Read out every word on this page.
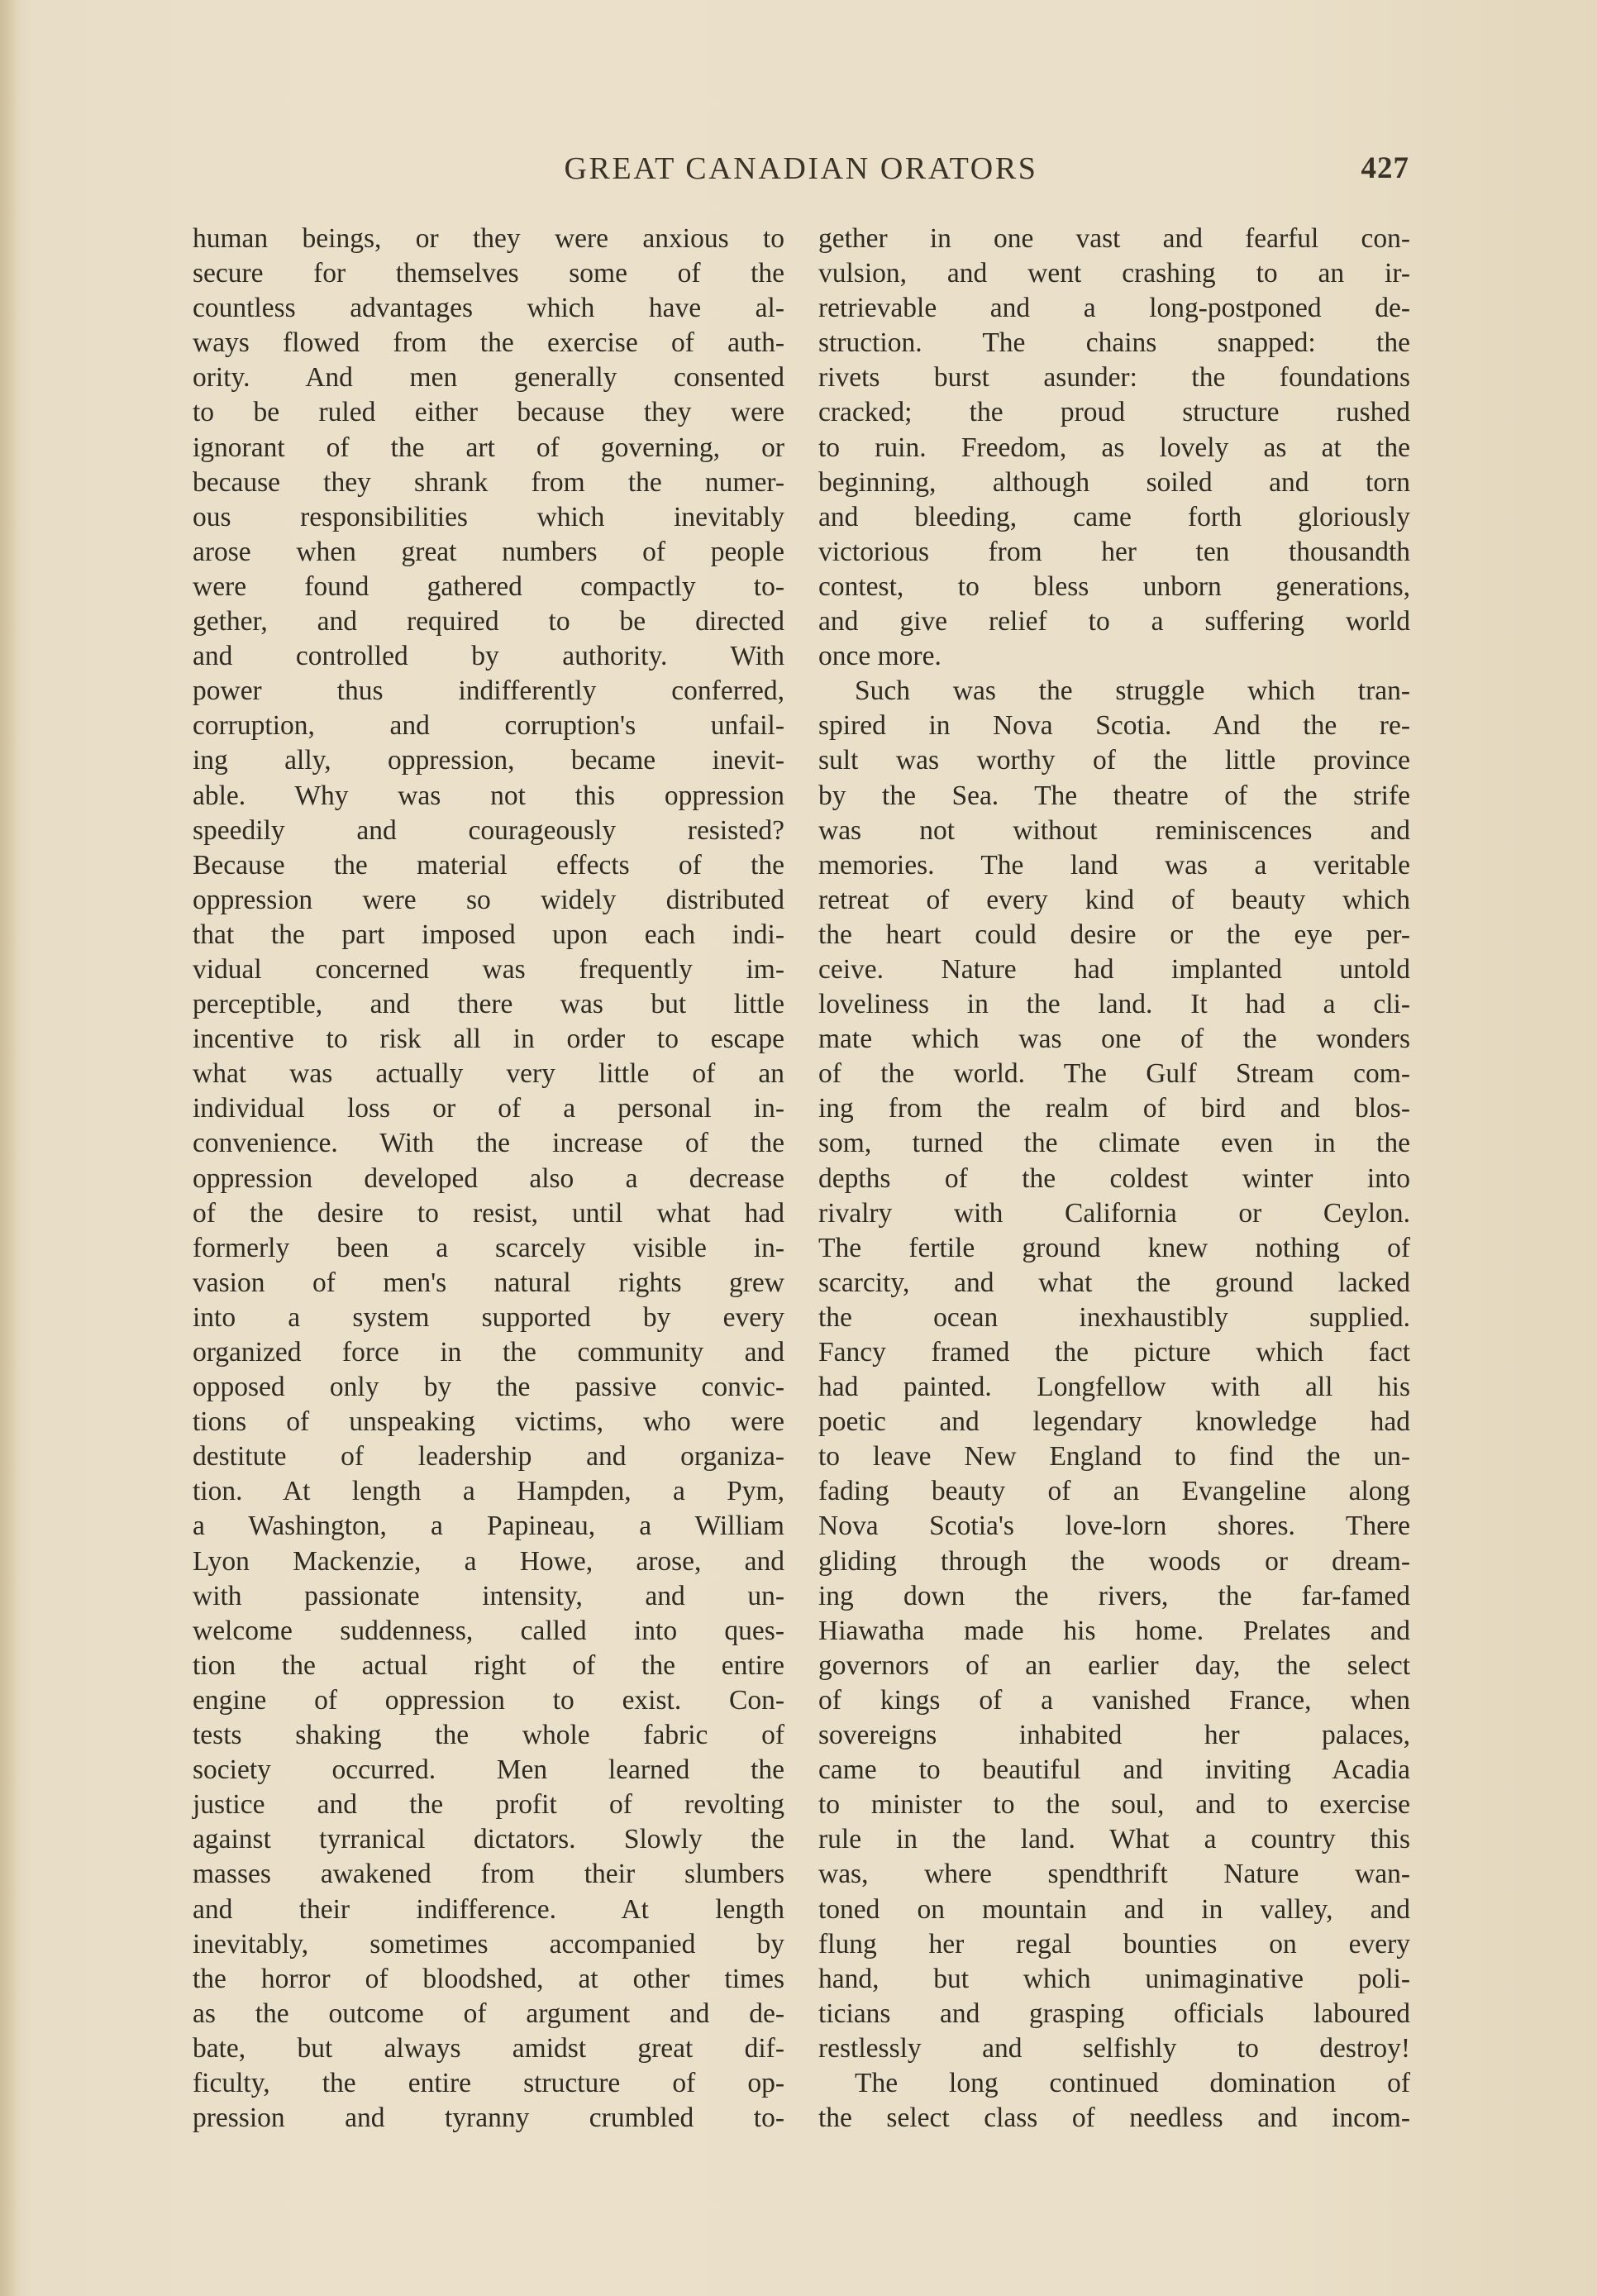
GREAT CANADIAN ORATORS	427
human beings, or they were anxious to
secure for themselves some of the
countless advantages which have al-
ways flowed from the exercise of auth-
ority. And men generally consented
to be ruled either because they were
ignorant of the art of governing, or
because they shrank from the numer-
ous responsibilities which inevitably
arose when great numbers of people
were found gathered compactly to-
gether, and required to be directed
and controlled by authority. With
power thus indifferently conferred,
corruption, and corruption's unfail-
ing ally, oppression, became inevit-
able. Why was not this oppression
speedily and courageously resisted?
Because the material effects of the
oppression were so widely distributed
that the part imposed upon each indi-
vidual concerned was frequently im-
perceptible, and there was but little
incentive to risk all in order to escape
what was actually very little of an
individual loss or of a personal in-
convenience. With the increase of the
oppression developed also a decrease
of the desire to resist, until what had
formerly been a scarcely visible in-
vasion of men's natural rights grew
into a system supported by every
organized force in the community and
opposed only by the passive convic-
tions of unspeaking victims, who were
destitute of leadership and organiza-
tion. At length a Hampden, a Pym,
a Washington, a Papineau, a William
Lyon Mackenzie, a Howe, arose, and
with passionate intensity, and un-
welcome suddenness, called into ques-
tion the actual right of the entire
engine of oppression to exist. Con-
tests shaking the whole fabric of
society occurred. Men learned the
justice and the profit of revolting
against tyrranical dictators. Slowly the
masses awakened from their slumbers
and their indifference. At length
inevitably, sometimes accompanied by
the horror of bloodshed, at other times
as the outcome of argument and de-
bate, but always amidst great dif-
ficulty, the entire structure of op-
pression and tyranny crumbled to-
gether in one vast and fearful con-
vulsion, and went crashing to an ir-
retrievable and a long-postponed de-
struction. The chains snapped: the
rivets burst asunder: the foundations
cracked; the proud structure rushed
to ruin. Freedom, as lovely as at the
beginning, although soiled and torn
and bleeding, came forth gloriously
victorious from her ten thousandth
contest, to bless unborn generations,
and give relief to a suffering world
once more.
Such was the struggle which tran-
spired in Nova Scotia. And the re-
sult was worthy of the little province
by the Sea. The theatre of the strife
was not without reminiscences and
memories. The land was a veritable
retreat of every kind of beauty which
the heart could desire or the eye per-
ceive. Nature had implanted untold
loveliness in the land. It had a cli-
mate which was one of the wonders
of the world. The Gulf Stream com-
ing from the realm of bird and blos-
som, turned the climate even in the
depths of the coldest winter into
rivalry with California or Ceylon.
The fertile ground knew nothing of
scarcity, and what the ground lacked
the ocean inexhaustibly supplied.
Fancy framed the picture which fact
had painted. Longfellow with all his
poetic and legendary knowledge had
to leave New England to find the un-
fading beauty of an Evangeline along
Nova Scotia's love-lorn shores. There
gliding through the woods or dream-
ing down the rivers, the far-famed
Hiawatha made his home. Prelates and
governors of an earlier day, the select
of kings of a vanished France, when
sovereigns inhabited her palaces,
came to beautiful and inviting Acadia
to minister to the soul, and to exercise
rule in the land. What a country this
was, where spendthrift Nature wan-
toned on mountain and in valley, and
flung her regal bounties on every
hand, but which unimaginative poli-
ticians and grasping officials laboured
restlessly and selfishly to destroy!
The long continued domination of
the select class of needless and incom-
